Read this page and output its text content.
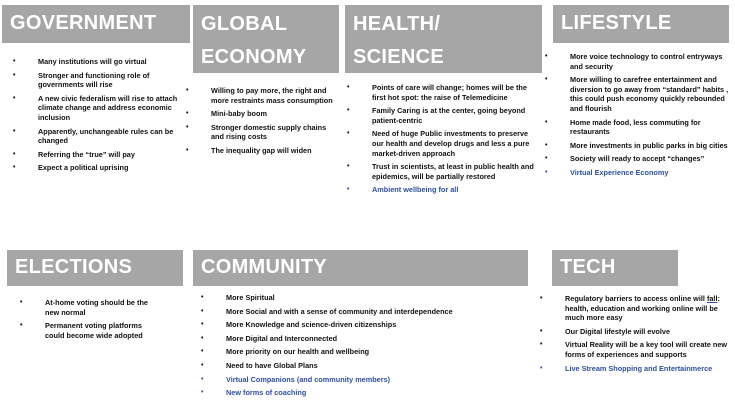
GOVERNMENT
• Many institutions will go virtual
• Stronger and functioning role of governments will rise
• A new civic federalism will rise to attach climate change and address economic inclusion
• Apparently, unchangeable rules can be changed
• Referring the “true” will pay
• Expect a political uprising
GLOBAL
ECONOMY
• Willing to pay more, the right and more restraints mass consumption
• Mini-baby boom
• Stronger domestic supply chains and rising costs
• The inequality gap will widen
HEALTH/
SCIENCE
• Points of care will change; homes will be the first hot spot: the raise of Telemedicine
• Family Caring is at the center, going beyond patient-centric
• Need of huge Public investments to preserve our health and develop drugs and less a pure market-driven approach
• Trust in scientists, at least in public health and epidemics, will be partially restored
• Ambient wellbeing for all
LIFESTYLE
• More voice technology to control entryways and security
• More willing to carefree entertainment and diversion to go away from “standard” habits , this could push economy quickly rebounded and flourish
• Home made food, less commuting for restaurants
• More investments in public parks in big cities
• Society will ready to accept “changes”
• Virtual Experience Economy
ELECTIONS
• At-home voting should be the new normal
• Permanent voting platforms could become wide adopted
COMMUNITY
• More Spiritual
• More Social and with a sense of community and interdependence
• More Knowledge and science-driven citizenships
• More Digital and Interconnected
• More priority on our health and wellbeing
• Need to have Global Plans
• Virtual Companions (and community members)
• New forms of coaching
TECH
• Regulatory barriers to access online will fall: health, education and working online will be much more easy
• Our Digital lifestyle will evolve
• Virtual Reality will be a key tool will create new forms of experiences and supports
• Live Stream Shopping and Entertainmerce
